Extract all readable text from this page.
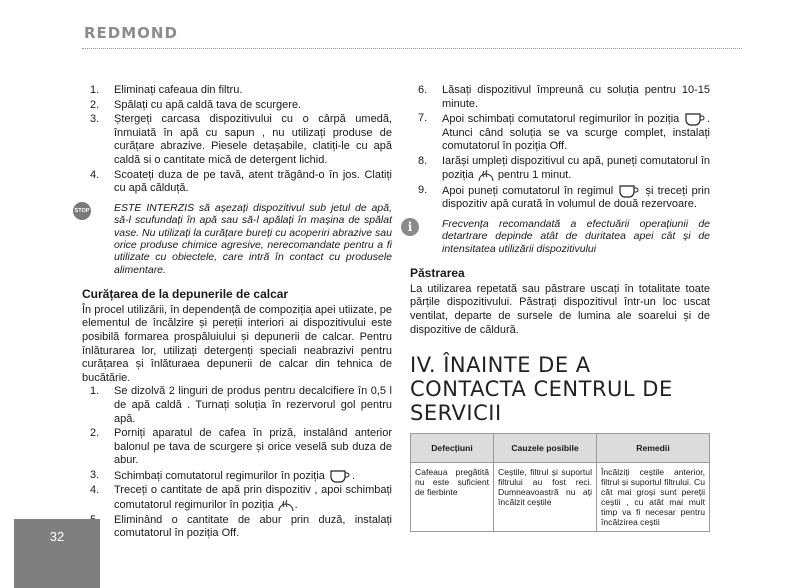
REDMOND
1.	Eliminați cafeaua din filtru.
2.	Spălați cu apă caldă tava de scurgere.
3.	Ștergeți carcasa dispozitivului cu o cârpă umedă, înmuiată în apă cu sapun , nu utilizați produse de curățare abrazive. Piesele detașabile, clatiți-le cu apă caldă si o cantitate mică de detergent lichid.
4.	Scoateți duza de pe tavă, atent trăgând-o în jos. Clatiți cu apă călduță.
STOP ESTE INTERZIS să așezați dispozitivul sub jetul de apă, să-l scufundați în apă sau să-l apălați în mașina de spălat vase. Nu utilizați la curățare bureți cu acoperiri abrazive sau orice produse chimice agresive, nerecomandate pentru a fi utilizate cu obiectele, care intră în contact cu produsele alimentare.
Curățarea de la depunerile de calcar

În procel utilizării, în dependență de compoziția apei utiizate, pe elementul de încălzire și pereții interiori ai dispozitivului este posibilă formarea prospăluiului și depunerii de calcar. Pentru înlăturarea lor, utilizați detergenți speciali neabrazivi pentru curățarea și înlăturaea depunerii de calcar din tehnica de bucătărie.

1.	Se dizolvă 2 linguri de produs pentru decalcifiere în 0,5 l de apă caldă . Turnați soluția în rezervorul gol pentru apă.
2.	Porniți aparatul de cafea în priză, instalând anterior balonul pe tava de scurgere și orice veselă sub duza de abur.
3.	Schimbați comutatorul regimurilor în poziția .
4.	Treceți o cantitate de apă prin dispozitiv , apoi schimbați comutatorul regimurilor în poziția .
Eliminând o cantitate de abur prin duză, instalați comutatorul în poziția Off.
6.	Lăsați dispozitivul împreună cu soluția pentru 10-15 minute.
7.	Apoi schimbați comutatorul regimurilor în poziția	. Atunci când soluția se va scurge complet, instalați comutatorul în poziția Off.
8.	Iarăși umpleți dispozitivul cu apă, puneți comutatorul în poziția pentru 1 minut.
9.	Apoi puneți comutatorul în regimul	și treceți prin dispozitiv apă curată în volumul de două rezervoare.
i	Frecvența recomandată a efectuării operațiunii de detartrare depinde atât de duritatea apei cât și de intensitatea utilizării dispozitivului
Păstrarea

La utilizarea repetată sau păstrare uscați în totalitate toate părțile dispozitivului. Păstrați dispozitivul într-un loc uscat ventilat, departe de sursele de lumina ale soarelui și de dispozitive de căldură.

IV. ÎNAINTE DE A CONTACTA CENTRUL DE SERVICII
Defecțiuni	Cauzele posibile	Remedii
Cafeaua pregătită nu este suficient de fierbinte	Ceștile, filtrul și suportul filtrului au fost reci. Dumneavoastră nu ați încălzit ceștile	Încălziți ceștile anterior, filtrul și suportul filtrului. Cu cât mai groși sunt pereții ceștii , cu atât mai mult timp va fi necesar pentru încălzirea ceștii
32
